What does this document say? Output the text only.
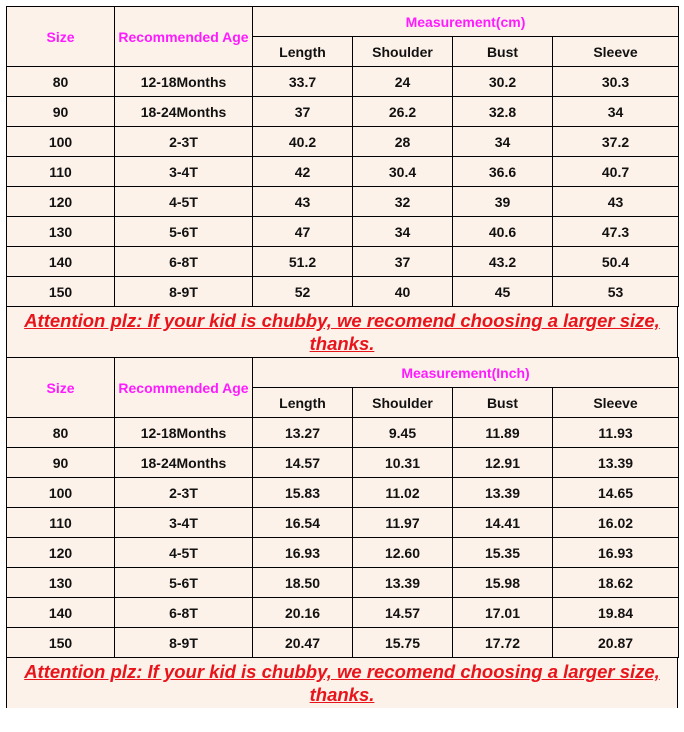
Size	Recommended Age	Measurement(cm)			
		Length	Shoulder	Bust	Sleeve
80	12-18Months	33.7	24	30.2	30.3
90	18-24Months	37	26.2	32.8	34
100	2-3T	40.2	28	34	37.2
110	3-4T	42	30.4	36.6	40.7
120	4-5T	43	32	39	43
130	5-6T	47	34	40.6	47.3
140	6-8T	51.2	37	43.2	50.4
150	8-9T	52	40	45	53
Attention plz: If your kid is chubby, we recomend choosing a larger size, thanks.
Size	Recommended Age	Measurement(Inch)			
		Length	Shoulder	Bust	Sleeve
80	12-18Months	13.27	9.45	11.89	11.93
90	18-24Months	14.57	10.31	12.91	13.39
100	2-3T	15.83	11.02	13.39	14.65
110	3-4T	16.54	11.97	14.41	16.02
120	4-5T	16.93	12.60	15.35	16.93
130	5-6T	18.50	13.39	15.98	18.62
140	6-8T	20.16	14.57	17.01	19.84
150	8-9T	20.47	15.75	17.72	20.87
Attention plz: If your kid is chubby, we recomend choosing a larger size, thanks.
